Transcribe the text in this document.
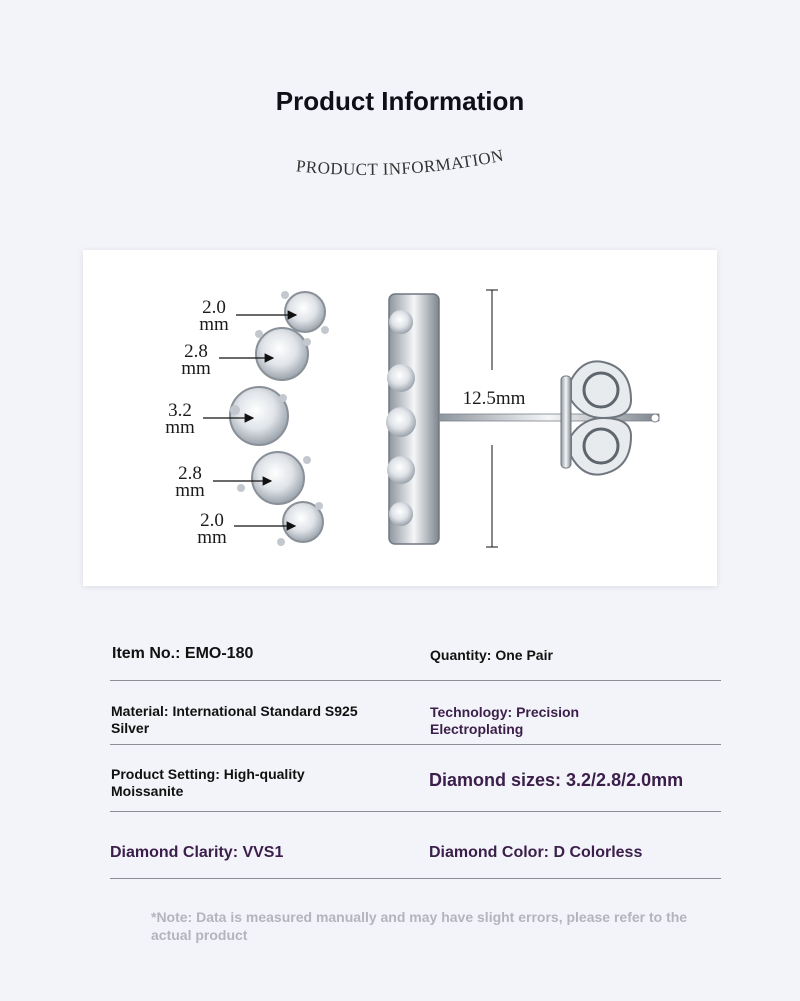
Product Information
PRODUCT INFORMATION
12.5mm
2.0
mm
2.8
mm
3.2
mm
2.8
mm
2.0
mm
Item No.: EMO-180	Quantity: One Pair
Material: International Standard S925 Silver
Technology: Precision Electroplating
Product Setting: High-quality Moissanite
Diamond sizes: 3.2/2.8/2.0mm
Diamond Clarity: VVS1	Diamond Color: D Colorless
*Note: Data is measured manually and may have slight errors, please refer to the actual product
